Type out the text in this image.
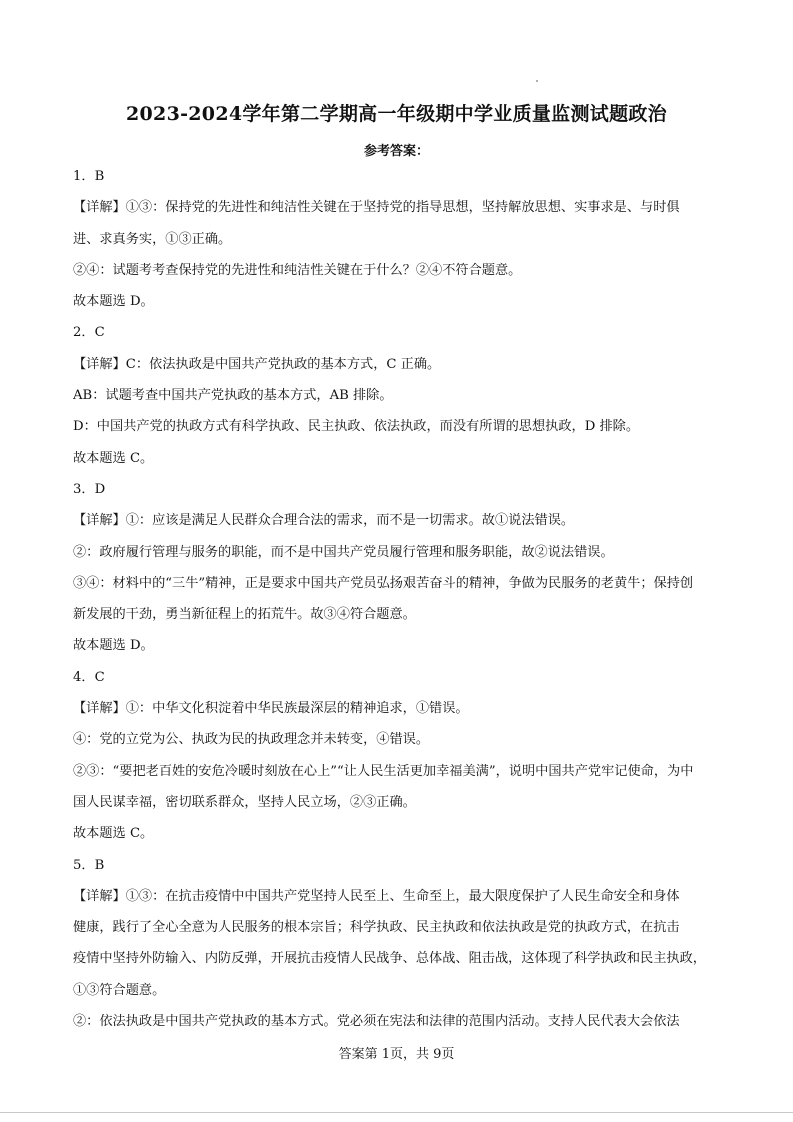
2023-2024学年第二学期高一年级期中学业质量监测试题政治
参考答案：
1．B
【详解】①③：保持党的先进性和纯洁性关键在于坚持党的指导思想，坚持解放思想、实事求是、与时俱
进、求真务实，①③正确。
②④：试题考考查保持党的先进性和纯洁性关键在于什么？②④不符合题意。
故本题选 D。
2．C
【详解】C：依法执政是中国共产党执政的基本方式，C 正确。
AB：试题考查中国共产党执政的基本方式，AB 排除。
D：中国共产党的执政方式有科学执政、民主执政、依法执政，而没有所谓的思想执政，D 排除。
故本题选 C。
3．D
【详解】①：应该是满足人民群众合理合法的需求，而不是一切需求。故①说法错误。
②：政府履行管理与服务的职能，而不是中国共产党员履行管理和服务职能，故②说法错误。
③④：材料中的“三牛”精神，正是要求中国共产党员弘扬艰苦奋斗的精神，争做为民服务的老黄牛；保持创
新发展的干劲，勇当新征程上的拓荒牛。故③④符合题意。
故本题选 D。
4．C
【详解】①：中华文化积淀着中华民族最深层的精神追求，①错误。
④：党的立党为公、执政为民的执政理念并未转变，④错误。
②③：“要把老百姓的安危冷暖时刻放在心上”“让人民生活更加幸福美满”，说明中国共产党牢记使命，为中
国人民谋幸福，密切联系群众，坚持人民立场，②③正确。
故本题选 C。
5．B
【详解】①③：在抗击疫情中中国共产党坚持人民至上、生命至上，最大限度保护了人民生命安全和身体
健康，践行了全心全意为人民服务的根本宗旨；科学执政、民主执政和依法执政是党的执政方式，在抗击
疫情中坚持外防输入、内防反弹，开展抗击疫情人民战争、总体战、阻击战，这体现了科学执政和民主执政，
①③符合题意。
②：依法执政是中国共产党执政的基本方式。党必须在宪法和法律的范围内活动。支持人民代表大会依法
答案第 1页，共 9页
